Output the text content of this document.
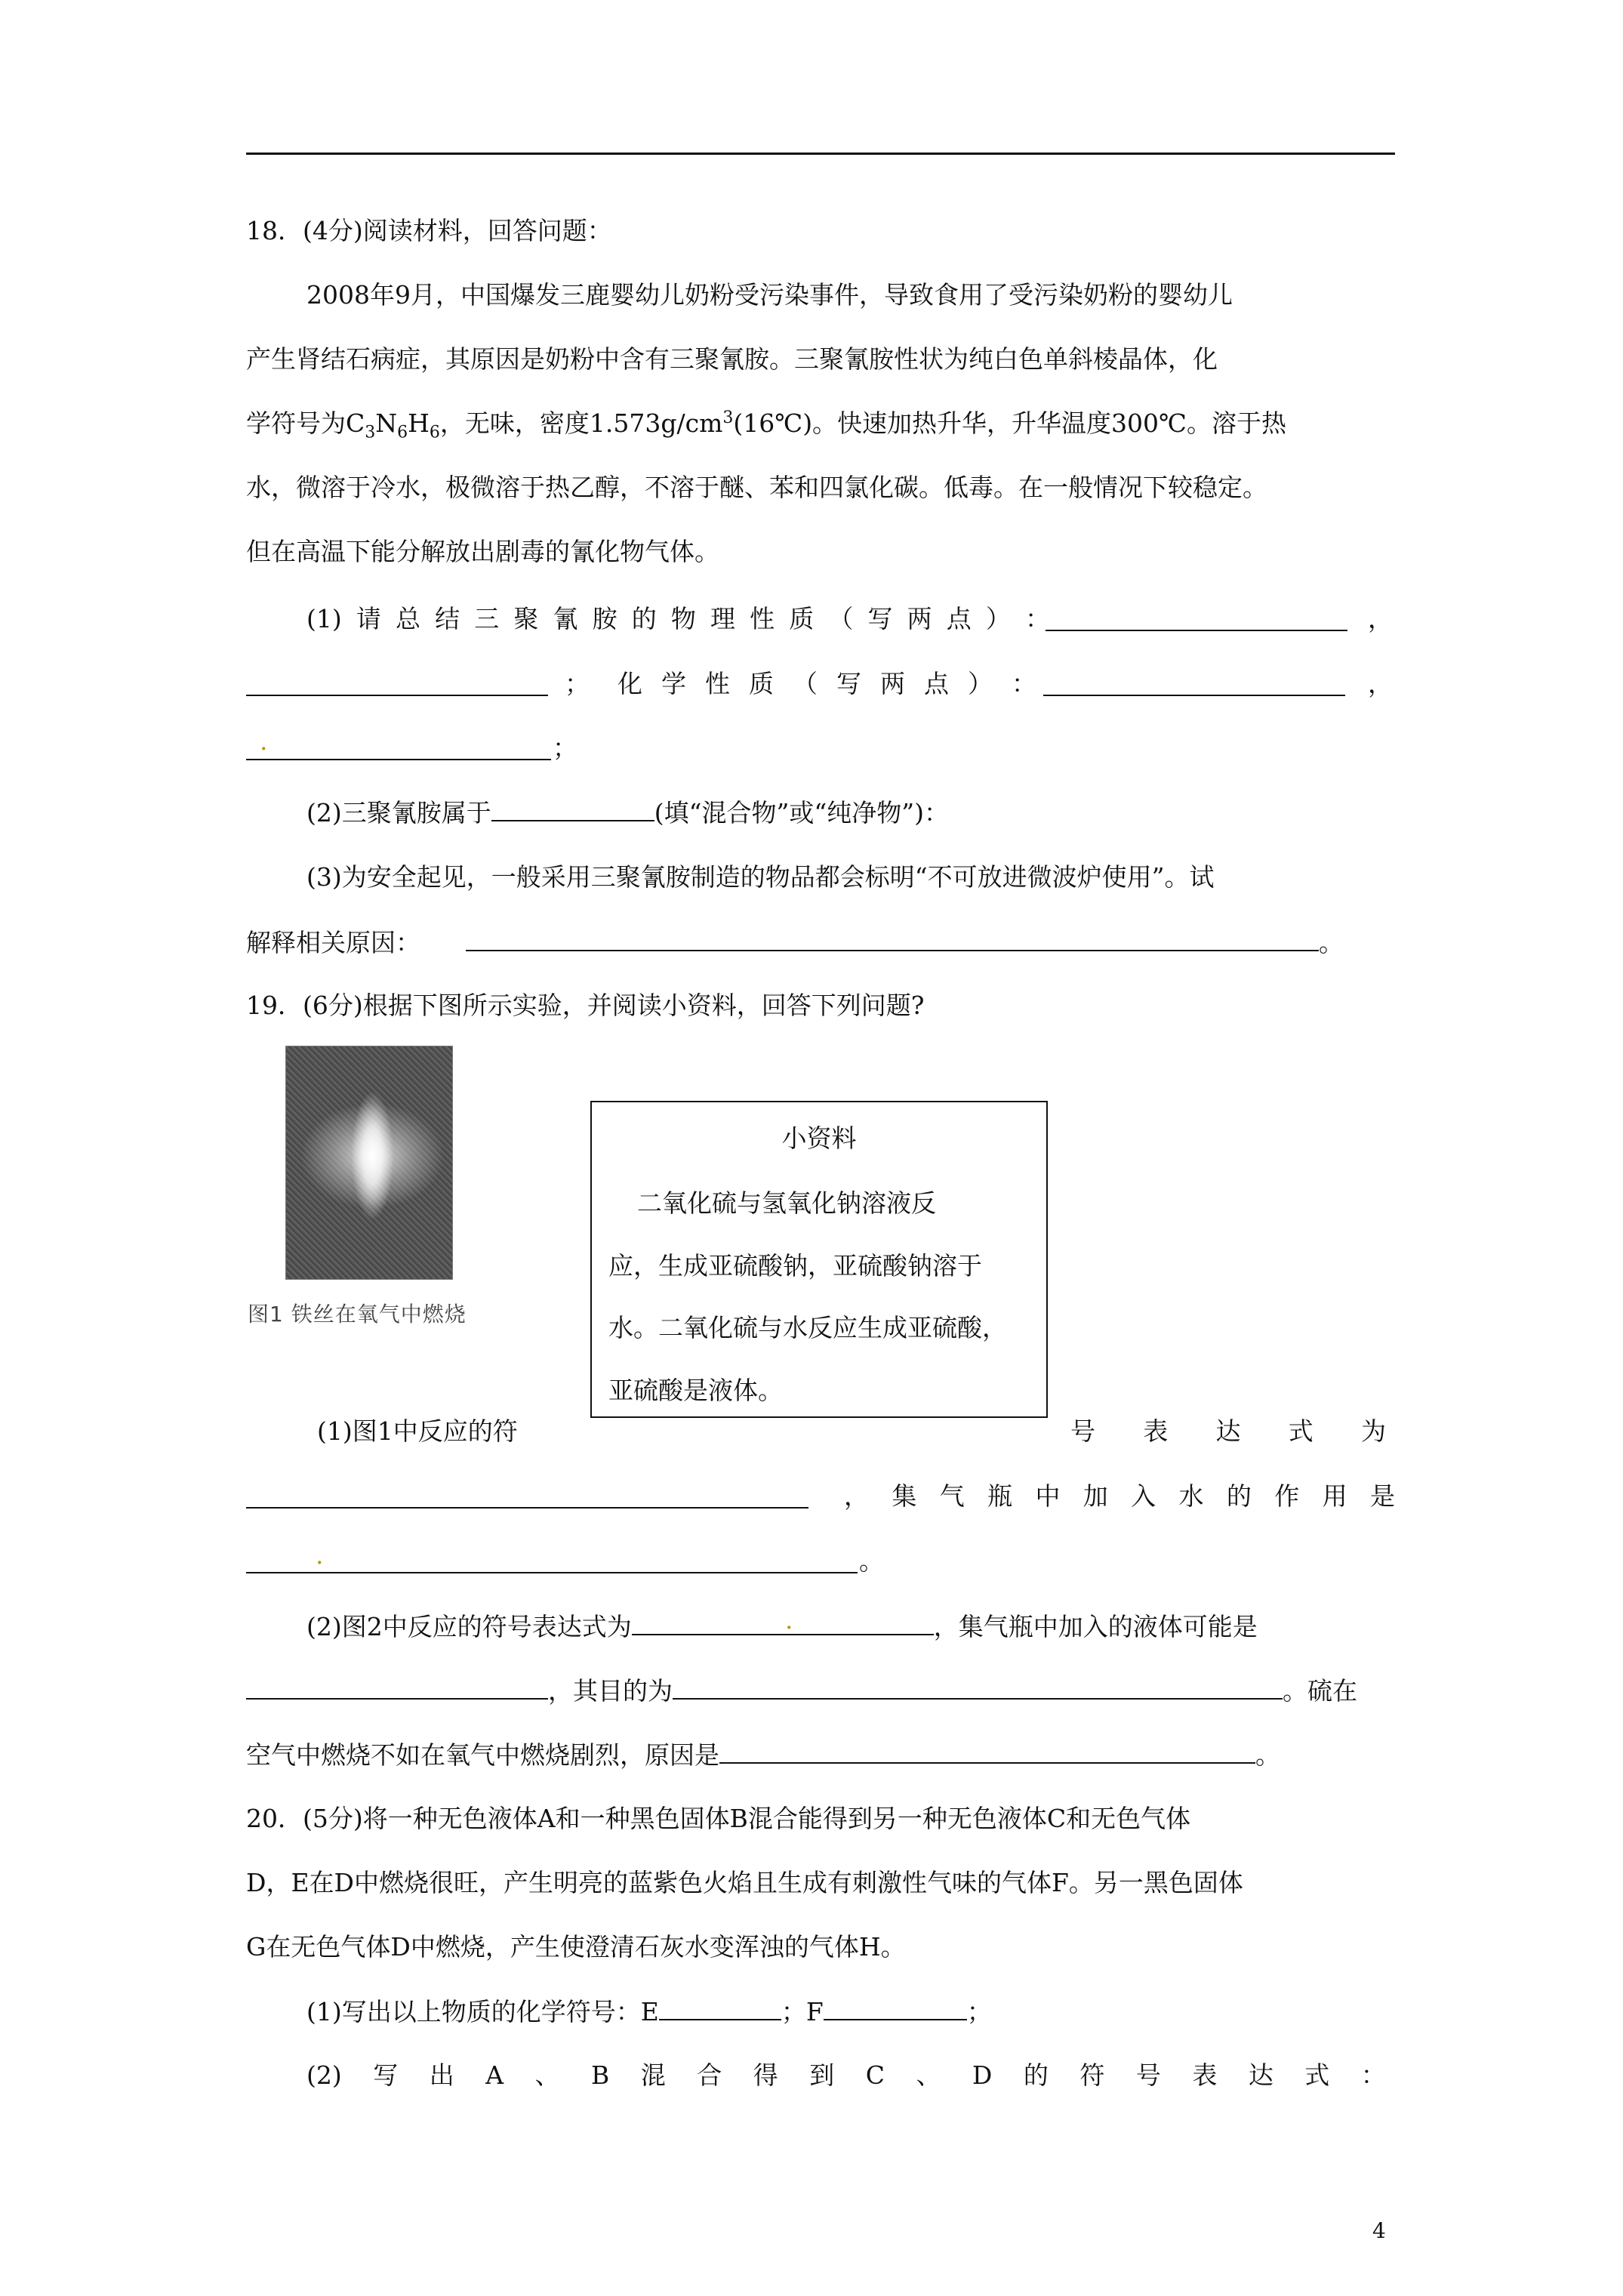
18．(4分)阅读材料，回答问题：
2008年9月，中国爆发三鹿婴幼儿奶粉受污染事件，导致食用了受污染奶粉的婴幼儿
产生肾结石病症，其原因是奶粉中含有三聚氰胺。三聚氰胺性状为纯白色单斜棱晶体，化
学符号为$C_3N_6H_6$，无味，密度$1.573g/cm^3(16℃)$。快速加热升华，升华温度300℃。溶于热
水，微溶于冷水，极微溶于热乙醇，不溶于醚、苯和四氯化碳。低毒。在一般情况下较稳定。
但在高温下能分解放出剧毒的氰化物气体。
(1) 请 总 结 三 聚 氰 胺 的 物 理 性 质 （ 写 两 点 ） ：	，
； 化 学 性 质 （ 写 两 点 ） ：	，
.	；
(2)三聚氰胺属于	(填“混合物”或“纯净物”)：
(3)为安全起见，一般采用三聚氰胺制造的物品都会标明“不可放进微波炉使用”。试
解释相关原因：	。
19．(6分)根据下图所示实验，并阅读小资料，回答下列问题?
图1 铁丝在氧气中燃烧
小资料
二氧化硫与氢氧化钠溶液反
应，生成亚硫酸钠，亚硫酸钠溶于
水。二氧化硫与水反应生成亚硫酸，
亚硫酸是液体。
(1)图1中反应的符	号 表 达 式 为
， 集 气 瓶 中 加 入 水 的 作 用 是
.	。
(2)图2中反应的符号表达式为	，集气瓶中加入的液体可能是
.
，其目的为	。硫在
空气中燃烧不如在氧气中燃烧剧烈，原因是	。
20．(5分)将一种无色液体A和一种黑色固体B混合能得到另一种无色液体C和无色气体
D，E在D中燃烧很旺，产生明亮的蓝紫色火焰且生成有刺激性气味的气体F。另一黑色固体
G在无色气体D中燃烧，产生使澄清石灰水变浑浊的气体H。
(1)写出以上物质的化学符号：E	；F	；
(2) 写 出 A 、 B 混 合 得 到 C 、 D 的 符 号 表 达 式 ：
4
